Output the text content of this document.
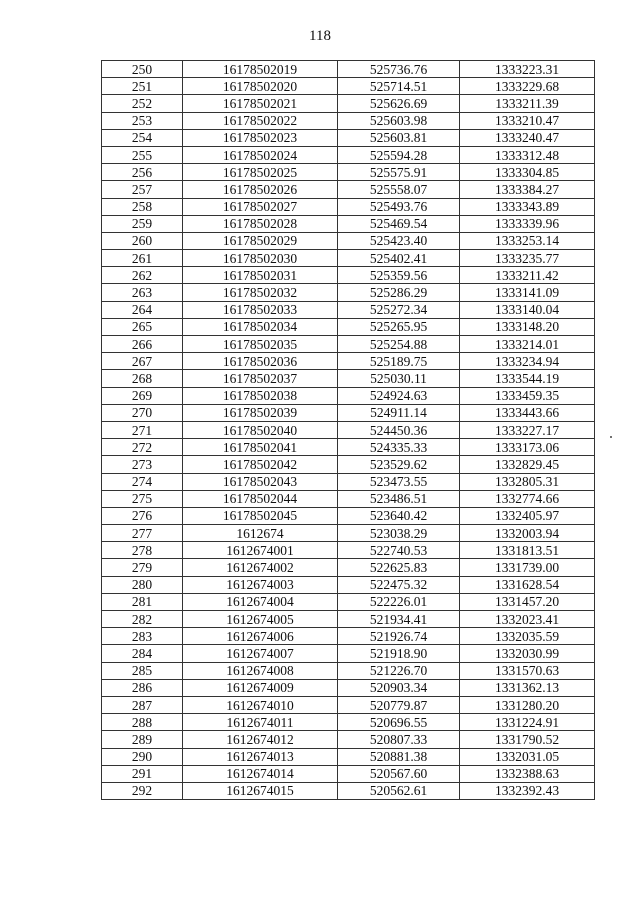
118
250	16178502019	525736.76	1333223.31
251	16178502020	525714.51	1333229.68
252	16178502021	525626.69	1333211.39
253	16178502022	525603.98	1333210.47
254	16178502023	525603.81	1333240.47
255	16178502024	525594.28	1333312.48
256	16178502025	525575.91	1333304.85
257	16178502026	525558.07	1333384.27
258	16178502027	525493.76	1333343.89
259	16178502028	525469.54	1333339.96
260	16178502029	525423.40	1333253.14
261	16178502030	525402.41	1333235.77
262	16178502031	525359.56	1333211.42
263	16178502032	525286.29	1333141.09
264	16178502033	525272.34	1333140.04
265	16178502034	525265.95	1333148.20
266	16178502035	525254.88	1333214.01
267	16178502036	525189.75	1333234.94
268	16178502037	525030.11	1333544.19
269	16178502038	524924.63	1333459.35
270	16178502039	524911.14	1333443.66
271	16178502040	524450.36	1333227.17
272	16178502041	524335.33	1333173.06
273	16178502042	523529.62	1332829.45
274	16178502043	523473.55	1332805.31
275	16178502044	523486.51	1332774.66
276	16178502045	523640.42	1332405.97
277	1612674	523038.29	1332003.94
278	1612674001	522740.53	1331813.51
279	1612674002	522625.83	1331739.00
280	1612674003	522475.32	1331628.54
281	1612674004	522226.01	1331457.20
282	1612674005	521934.41	1332023.41
283	1612674006	521926.74	1332035.59
284	1612674007	521918.90	1332030.99
285	1612674008	521226.70	1331570.63
286	1612674009	520903.34	1331362.13
287	1612674010	520779.87	1331280.20
288	1612674011	520696.55	1331224.91
289	1612674012	520807.33	1331790.52
290	1612674013	520881.38	1332031.05
291	1612674014	520567.60	1332388.63
292	1612674015	520562.61	1332392.43
